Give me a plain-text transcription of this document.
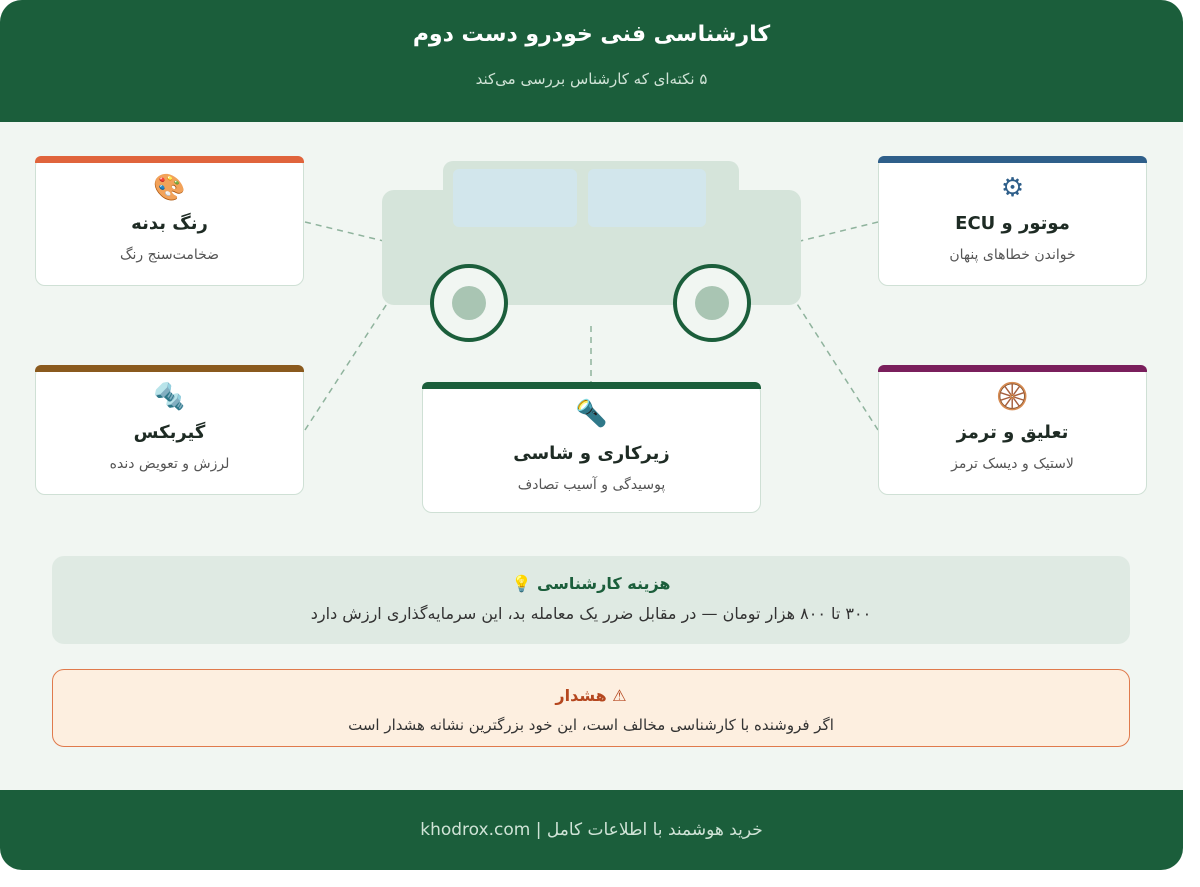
کارشناسی فنی خودرو دست دوم
۵ نکته‌ای که کارشناس بررسی می‌کند
🎨
رنگ بدنه
ضخامت‌سنج رنگ
⚙
موتور و ECU
خواندن خطاهای پنهان
🔩
گیربکس
لرزش و تعویض دنده
🔦
زیرکاری و شاسی
پوسیدگی و آسیب تصادف
🛞
تعلیق و ترمز
لاستیک و دیسک ترمز
هزینه کارشناسی 💡
۳۰۰ تا ۸۰۰ هزار تومان — در مقابل ضرر یک معامله بد، این سرمایه‌گذاری ارزش دارد
⚠ هشدار
اگر فروشنده با کارشناسی مخالف است، این خود بزرگترین نشانه هشدار است
khodrox.com | خرید هوشمند با اطلاعات کامل
